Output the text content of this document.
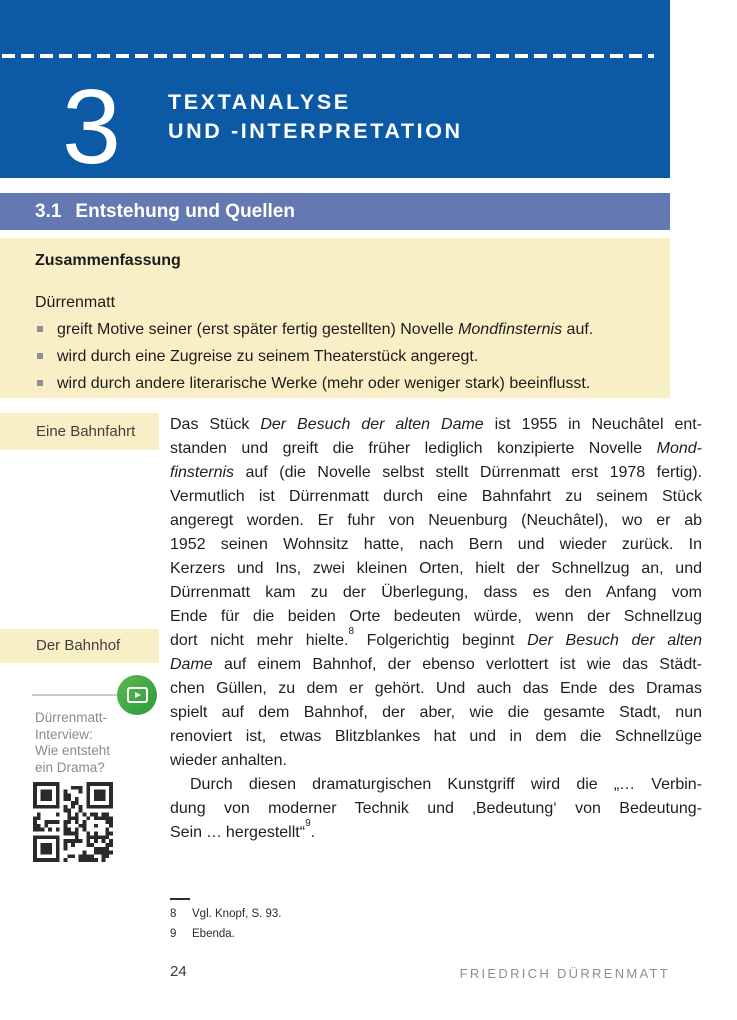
3 TEXTANALYSE
UND -INTERPRETATION
3.1 Entstehung und Quellen
Zusammenfassung
Dürrenmatt
greift Motive seiner (erst später fertig gestellten) Novelle Mondfinsternis auf.
wird durch eine Zugreise zu seinem Theaterstück angeregt.
wird durch andere literarische Werke (mehr oder weniger stark) beeinflusst.
Eine Bahnfahrt
Der Bahnhof
Dürrenmatt-
Interview:
Wie entsteht
ein Drama?
Das Stück Der Besuch der alten Dame ist 1955 in Neuchâtel ent-
standen und greift die früher lediglich konzipierte Novelle Mond-
finsternis auf (die Novelle selbst stellt Dürrenmatt erst 1978 fertig).
Vermutlich ist Dürrenmatt durch eine Bahnfahrt zu seinem Stück
angeregt worden. Er fuhr von Neuenburg (Neuchâtel), wo er ab
1952 seinen Wohnsitz hatte, nach Bern und wieder zurück. In
Kerzers und Ins, zwei kleinen Orten, hielt der Schnellzug an, und
Dürrenmatt kam zu der Überlegung, dass es den Anfang vom
Ende für die beiden Orte bedeuten würde, wenn der Schnellzug
dort nicht mehr hielte.$^8$ Folgerichtig beginnt Der Besuch der alten
Dame auf einem Bahnhof, der ebenso verlottert ist wie das Städt-
chen Güllen, zu dem er gehört. Und auch das Ende des Dramas
spielt auf dem Bahnhof, der aber, wie die gesamte Stadt, nun
renoviert ist, etwas Blitzblankes hat und in dem die Schnellzüge
wieder anhalten.
Durch diesen dramaturgischen Kunstgriff wird die „… Verbin-
dung von moderner Technik und ‚Bedeutung‘ von Bedeutung-
Sein … hergestellt“$^9$.
8 Vgl. Knopf, S. 93.
9 Ebenda.
24	FRIEDRICH DÜRRENMATT
